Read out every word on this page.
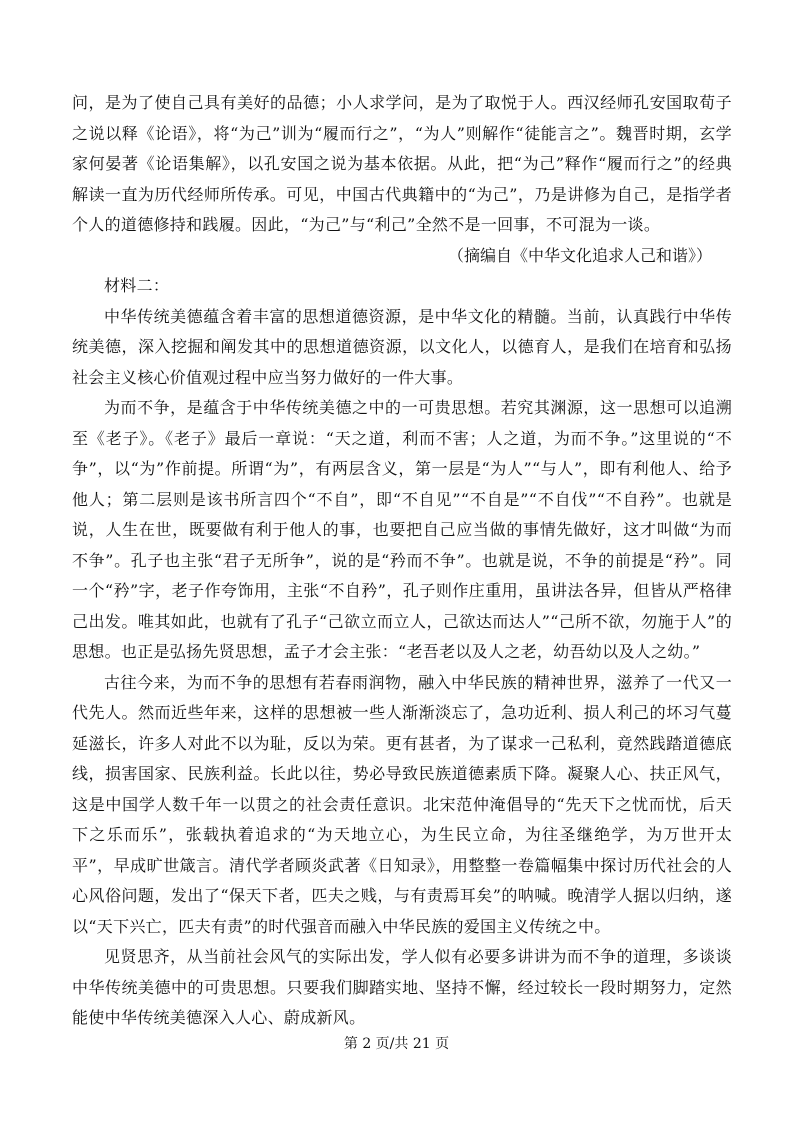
问，是为了使自己具有美好的品德；小人求学问，是为了取悦于人。西汉经师孔安国取荀子之说以释《论语》，将“为己”训为“履而行之”，“为人”则解作“徒能言之”。魏晋时期，玄学家何晏著《论语集解》，以孔安国之说为基本依据。从此，把“为己”释作“履而行之”的经典解读一直为历代经师所传承。可见，中国古代典籍中的“为己”，乃是讲修为自己，是指学者个人的道德修持和践履。因此，“为己”与“利己”全然不是一回事，不可混为一谈。

（摘编自《中华文化追求人己和谐》）

材料二：

中华传统美德蕴含着丰富的思想道德资源，是中华文化的精髓。当前，认真践行中华传统美德，深入挖掘和阐发其中的思想道德资源，以文化人，以德育人，是我们在培育和弘扬社会主义核心价值观过程中应当努力做好的一件大事。

为而不争，是蕴含于中华传统美德之中的一可贵思想。若究其渊源，这一思想可以追溯至《老子》。《老子》最后一章说：“天之道，利而不害；人之道，为而不争。”这里说的“不争”，以“为”作前提。所谓“为”，有两层含义，第一层是“为人”“与人”，即有利他人、给予他人；第二层则是该书所言四个“不自”，即“不自见”“不自是”“不自伐”“不自矜”。也就是说，人生在世，既要做有利于他人的事，也要把自己应当做的事情先做好，这才叫做“为而不争”。孔子也主张“君子无所争”，说的是“矜而不争”。也就是说，不争的前提是“矜”。同一个“矜”字，老子作夸饰用，主张“不自矜”，孔子则作庄重用，虽讲法各异，但皆从严格律己出发。唯其如此，也就有了孔子“己欲立而立人，己欲达而达人”“己所不欲，勿施于人”的思想。也正是弘扬先贤思想，孟子才会主张：“老吾老以及人之老，幼吾幼以及人之幼。”

古往今来，为而不争的思想有若春雨润物，融入中华民族的精神世界，滋养了一代又一代先人。然而近些年来，这样的思想被一些人渐渐淡忘了，急功近利、损人利己的坏习气蔓延滋长，许多人对此不以为耻，反以为荣。更有甚者，为了谋求一己私利，竟然践踏道德底线，损害国家、民族利益。长此以往，势必导致民族道德素质下降。凝聚人心、扶正风气，这是中国学人数千年一以贯之的社会责任意识。北宋范仲淹倡导的“先天下之忧而忧，后天下之乐而乐”，张载执着追求的“为天地立心，为生民立命，为往圣继绝学，为万世开太平”，早成旷世箴言。清代学者顾炎武著《日知录》，用整整一卷篇幅集中探讨历代社会的人心风俗问题，发出了“保天下者，匹夫之贱，与有责焉耳矣”的呐喊。晚清学人据以归纳，遂以“天下兴亡，匹夫有责”的时代强音而融入中华民族的爱国主义传统之中。

见贤思齐，从当前社会风气的实际出发，学人似有必要多讲讲为而不争的道理，多谈谈中华传统美德中的可贵思想。只要我们脚踏实地、坚持不懈，经过较长一段时期努力，定然能使中华传统美德深入人心、蔚成新风。

第 2 页/共 21 页
